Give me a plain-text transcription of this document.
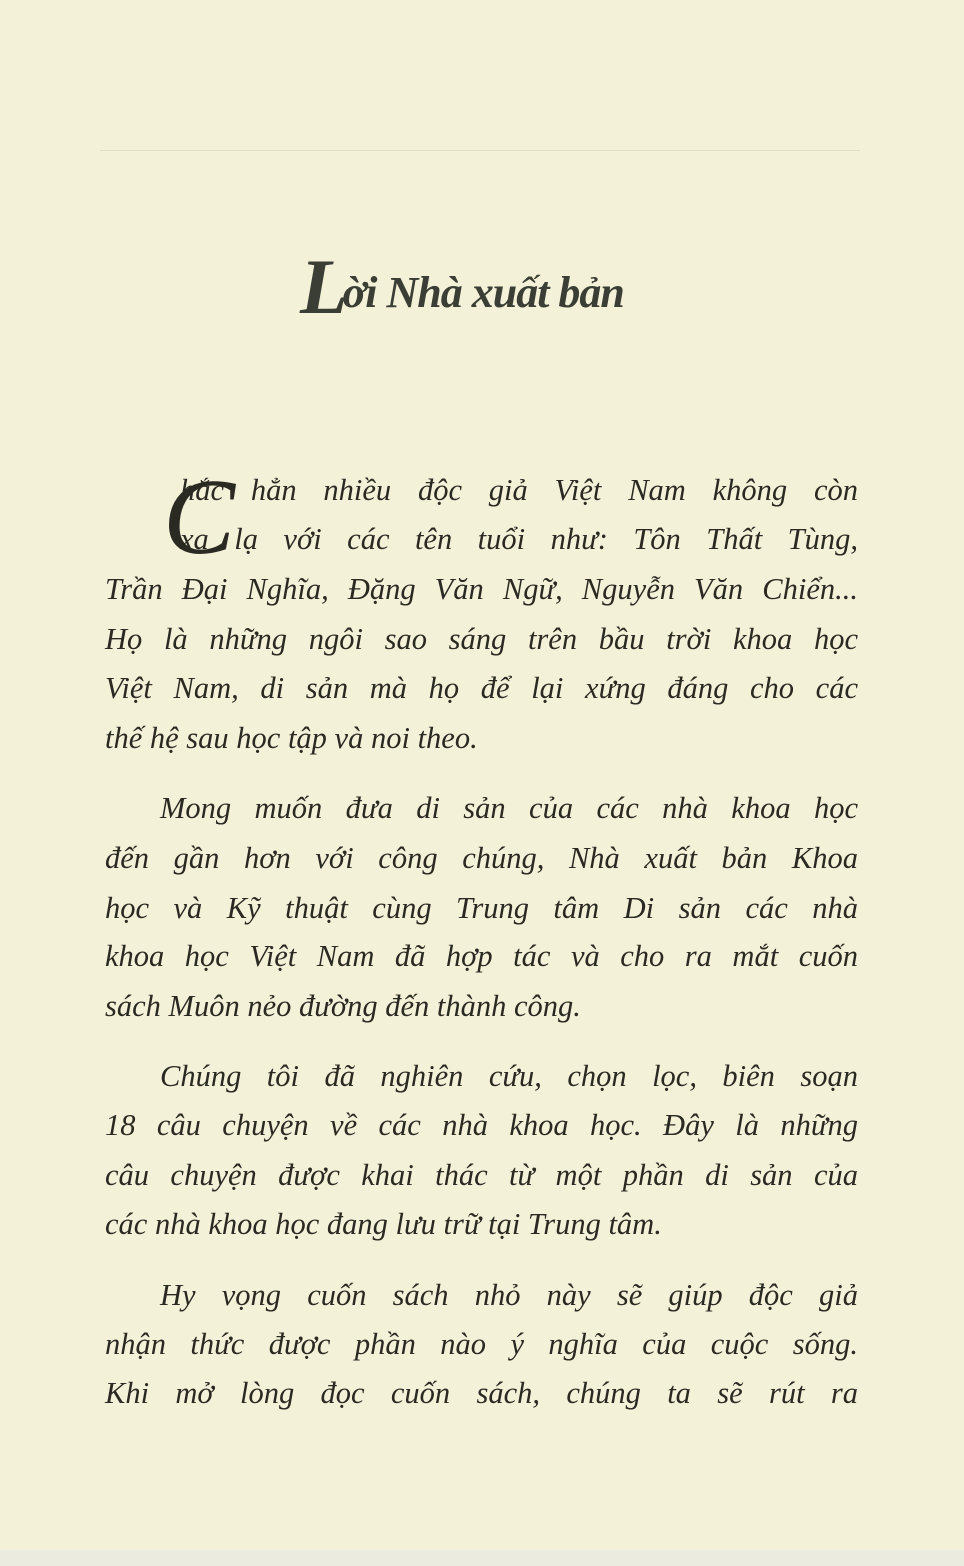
Lời Nhà xuất bản
C
hắc hẳn nhiều độc giả Việt Nam không còn
xa lạ với các tên tuổi như: Tôn Thất Tùng,
Trần Đại Nghĩa, Đặng Văn Ngữ, Nguyễn Văn Chiển...
Họ là những ngôi sao sáng trên bầu trời khoa học
Việt Nam, di sản mà họ để lại xứng đáng cho các
thế hệ sau học tập và noi theo.
Mong muốn đưa di sản của các nhà khoa học
đến gần hơn với công chúng, Nhà xuất bản Khoa
học và Kỹ thuật cùng Trung tâm Di sản các nhà
khoa học Việt Nam đã hợp tác và cho ra mắt cuốn
sách Muôn nẻo đường đến thành công.
Chúng tôi đã nghiên cứu, chọn lọc, biên soạn
18 câu chuyện về các nhà khoa học. Đây là những
câu chuyện được khai thác từ một phần di sản của
các nhà khoa học đang lưu trữ tại Trung tâm.
Hy vọng cuốn sách nhỏ này sẽ giúp độc giả
nhận thức được phần nào ý nghĩa của cuộc sống.
Khi mở lòng đọc cuốn sách, chúng ta sẽ rút ra
